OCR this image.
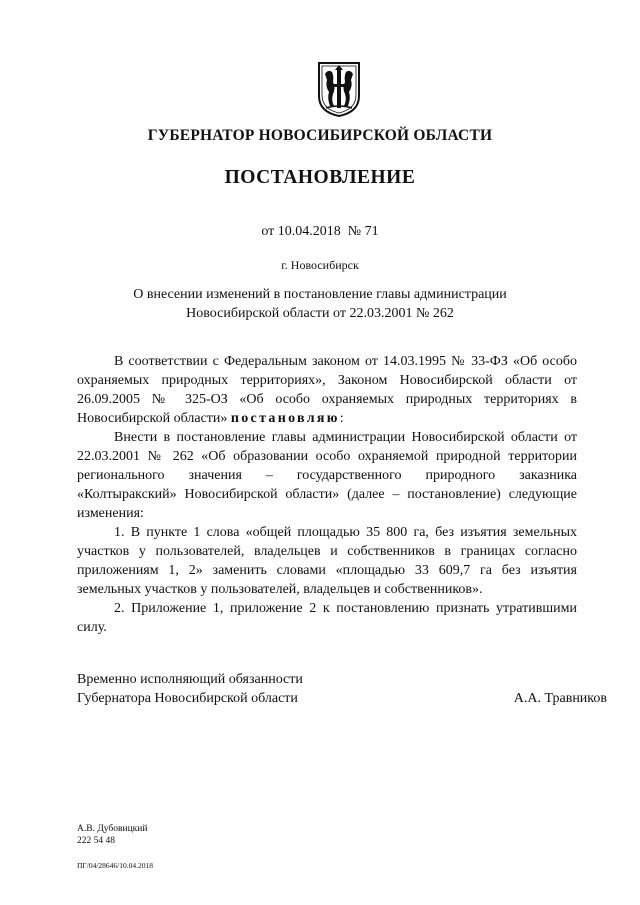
ГУБЕРНАТОР НОВОСИБИРСКОЙ ОБЛАСТИ
ПОСТАНОВЛЕНИЕ
от 10.04.2018  № 71
г. Новосибирск
О внесении изменений в постановление главы администрации
Новосибирской области от 22.03.2001 № 262

В соответствии с Федеральным законом от 14.03.1995 № 33-ФЗ «Об особо охраняемых природных территориях», Законом Новосибирской области от 26.09.2005 № 325-ОЗ «Об особо охраняемых природных территориях в Новосибирской области» постановляю:

Внести в постановление главы администрации Новосибирской области от 22.03.2001 № 262 «Об образовании особо охраняемой природной территории регионального значения – государственного природного заказника «Колтыракский» Новосибирской области» (далее – постановление) следующие изменения:

1. В пункте 1 слова «общей площадью 35 800 га, без изъятия земельных участков у пользователей, владельцев и собственников в границах согласно приложениям 1, 2» заменить словами «площадью 33 609,7 га без изъятия земельных участков у пользователей, владельцев и собственников».

2. Приложение 1, приложение 2 к постановлению признать утратившими силу.

Временно исполняющий обязанности
Губернатора Новосибирской области	А.А. Травников
А.В. Дубовицкий
222 54 48
ПГ/04/28646/10.04.2018
